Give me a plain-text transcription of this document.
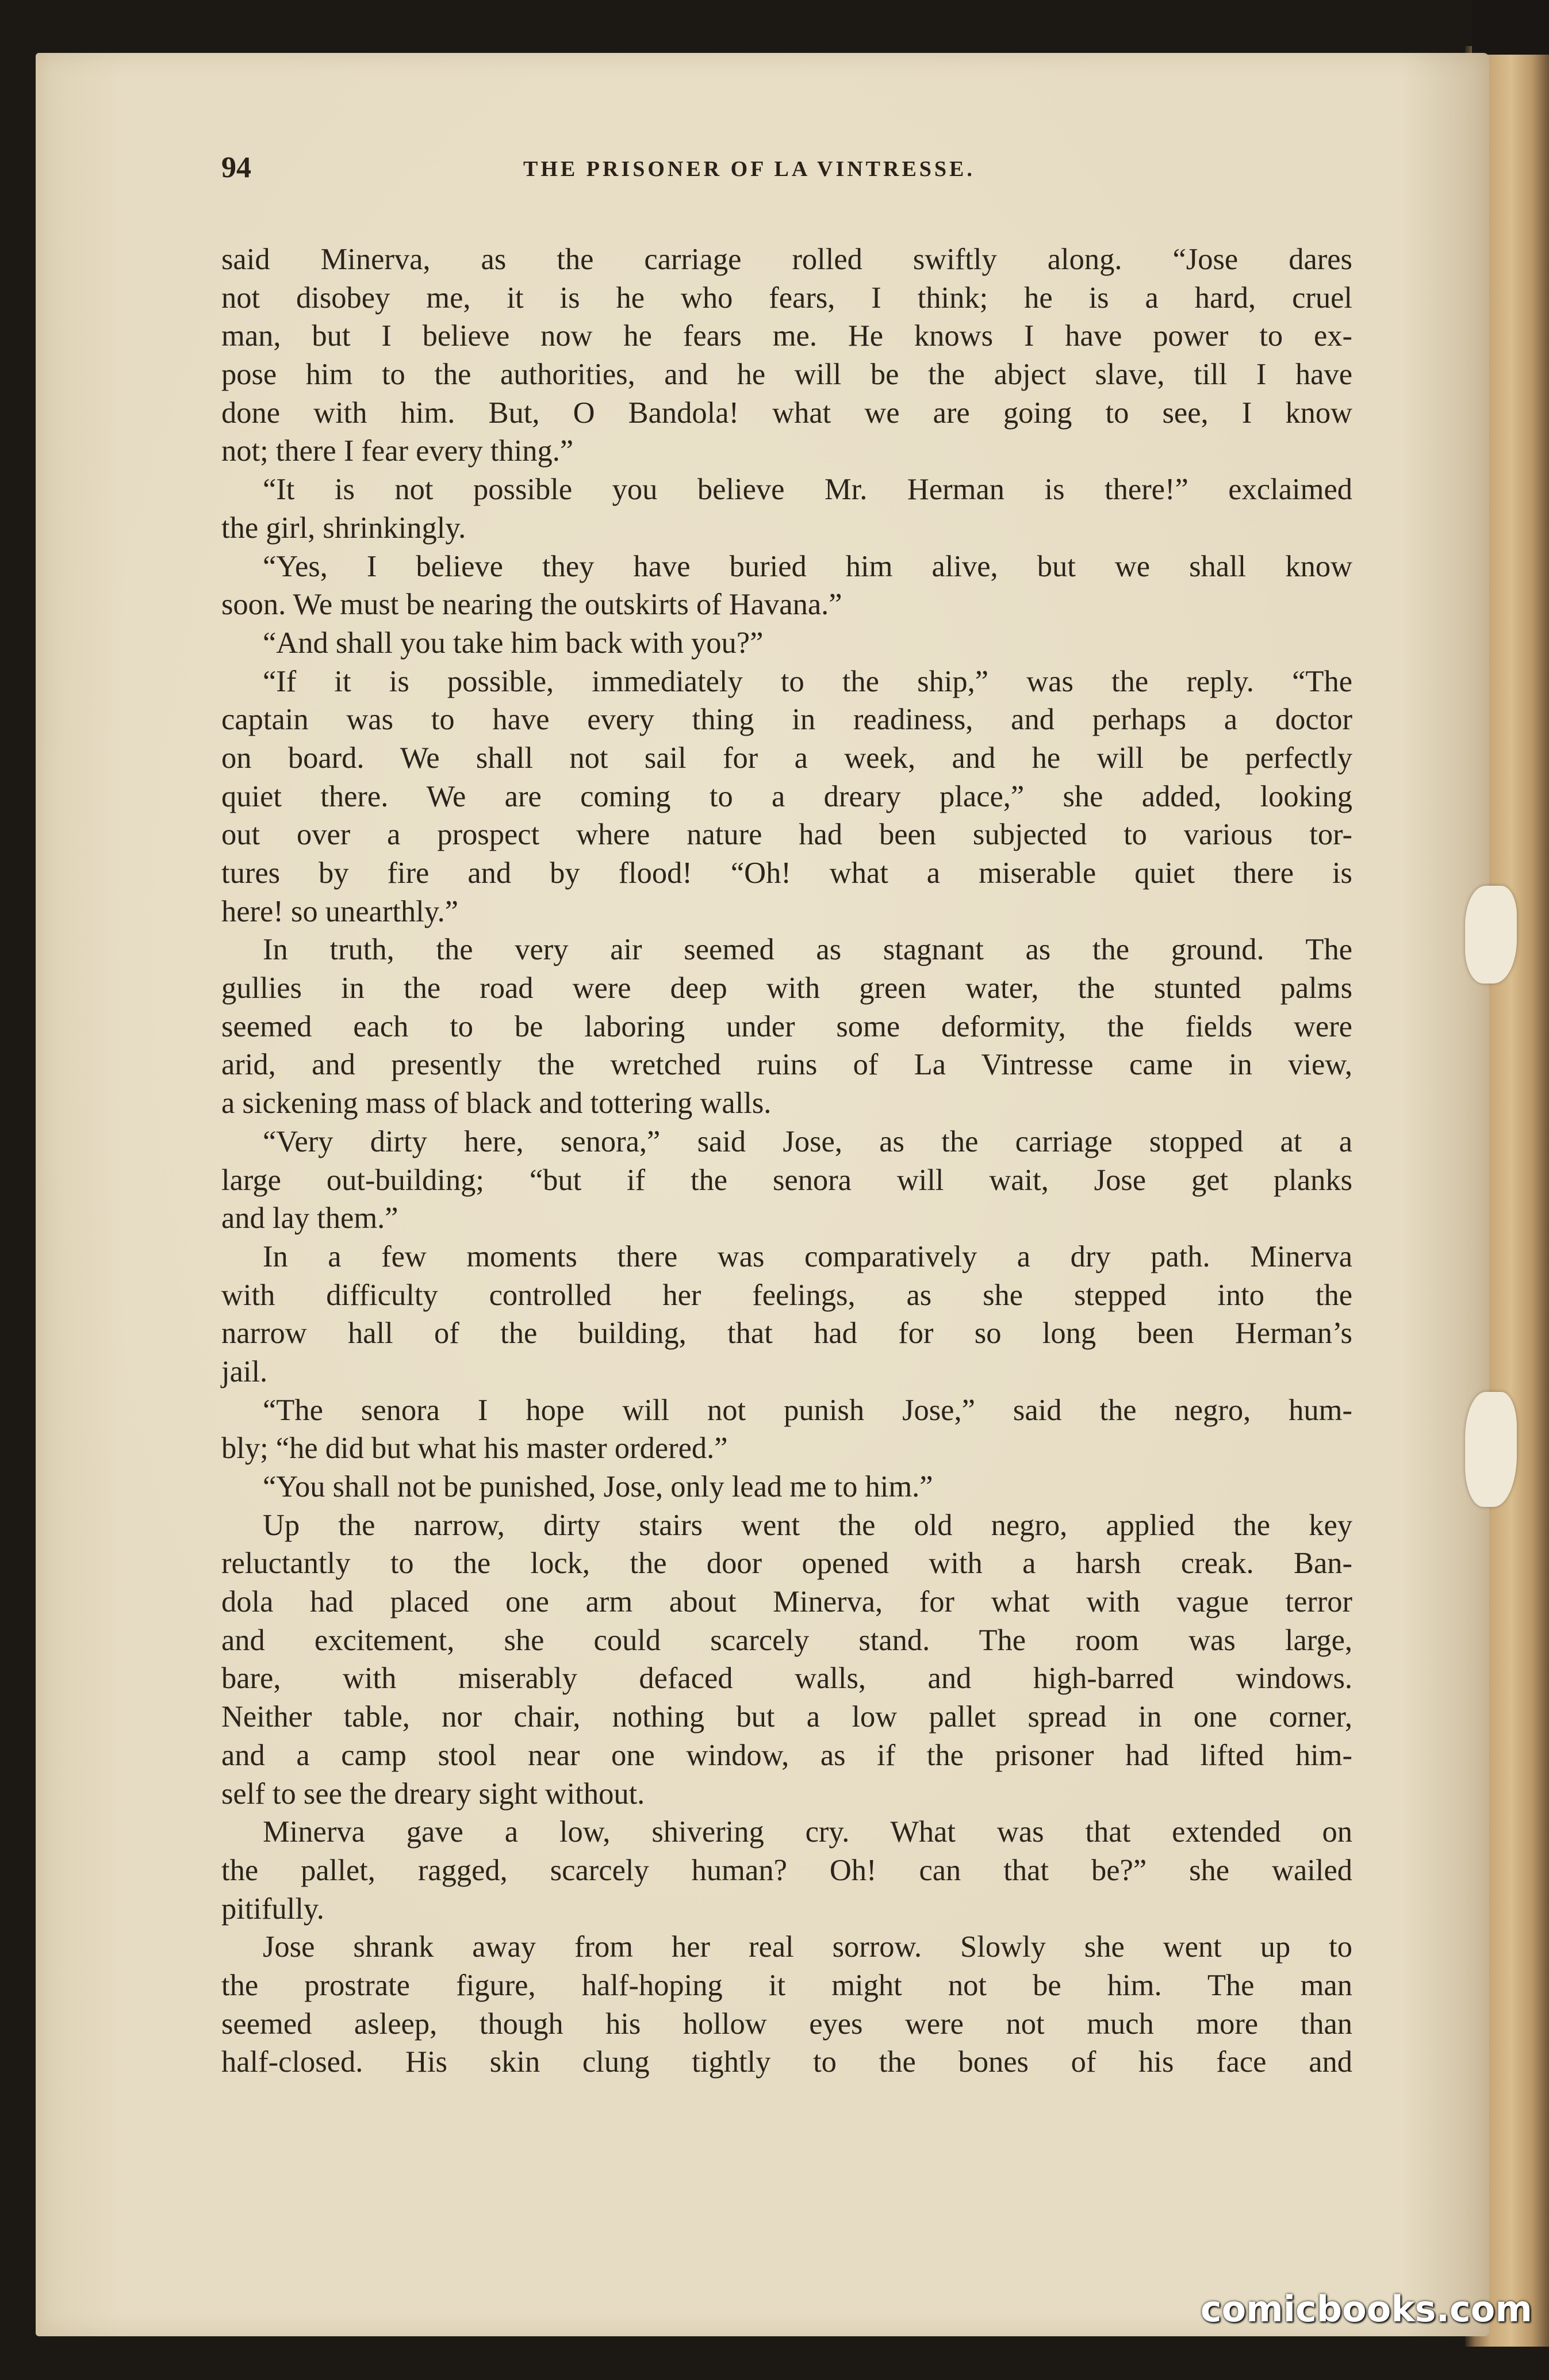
94	THE PRISONER OF LA VINTRESSE.
said Minerva, as the carriage rolled swiftly along. “Jose dares
not disobey me, it is he who fears, I think; he is a hard, cruel
man, but I believe now he fears me. He knows I have power to ex-
pose him to the authorities, and he will be the abject slave, till I have
done with him. But, O Bandola! what we are going to see, I know
not; there I fear every thing.”
“It is not possible you believe Mr. Herman is there!” exclaimed
the girl, shrinkingly.
“Yes, I believe they have buried him alive, but we shall know
soon. We must be nearing the outskirts of Havana.”
“And shall you take him back with you?”
“If it is possible, immediately to the ship,” was the reply. “The
captain was to have every thing in readiness, and perhaps a doctor
on board. We shall not sail for a week, and he will be perfectly
quiet there. We are coming to a dreary place,” she added, looking
out over a prospect where nature had been subjected to various tor-
tures by fire and by flood! “Oh! what a miserable quiet there is
here! so unearthly.”
In truth, the very air seemed as stagnant as the ground. The
gullies in the road were deep with green water, the stunted palms
seemed each to be laboring under some deformity, the fields were
arid, and presently the wretched ruins of La Vintresse came in view,
a sickening mass of black and tottering walls.
“Very dirty here, senora,” said Jose, as the carriage stopped at a
large out-building; “but if the senora will wait, Jose get planks
and lay them.”
In a few moments there was comparatively a dry path. Minerva
with difficulty controlled her feelings, as she stepped into the
narrow hall of the building, that had for so long been Herman’s
jail.
“The senora I hope will not punish Jose,” said the negro, hum-
bly; “he did but what his master ordered.”
“You shall not be punished, Jose, only lead me to him.”
Up the narrow, dirty stairs went the old negro, applied the key
reluctantly to the lock, the door opened with a harsh creak. Ban-
dola had placed one arm about Minerva, for what with vague terror
and excitement, she could scarcely stand. The room was large,
bare, with miserably defaced walls, and high-barred windows.
Neither table, nor chair, nothing but a low pallet spread in one corner,
and a camp stool near one window, as if the prisoner had lifted him-
self to see the dreary sight without.
Minerva gave a low, shivering cry. What was that extended on
the pallet, ragged, scarcely human? Oh! can that be?” she wailed
pitifully.
Jose shrank away from her real sorrow. Slowly she went up to
the prostrate figure, half-hoping it might not be him. The man
seemed asleep, though his hollow eyes were not much more than
half-closed. His skin clung tightly to the bones of his face and
comicbooks.com
